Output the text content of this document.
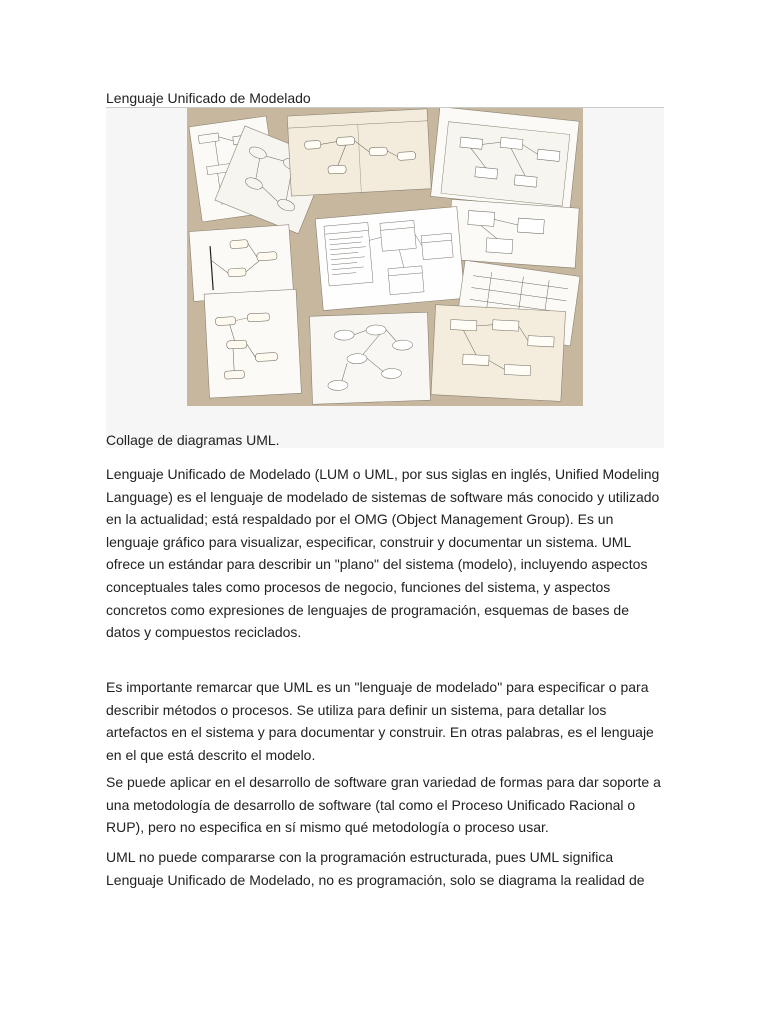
Lenguaje Unificado de Modelado
Collage de diagramas UML.

Lenguaje Unificado de Modelado (LUM o UML, por sus siglas en inglés, Unified Modeling Language) es el lenguaje de modelado de sistemas de software más conocido y utilizado en la actualidad; está respaldado por el OMG (Object Management Group). Es un lenguaje gráfico para visualizar, especificar, construir y documentar un sistema. UML ofrece un estándar para describir un "plano" del sistema (modelo), incluyendo aspectos conceptuales tales como procesos de negocio, funciones del sistema, y aspectos concretos como expresiones de lenguajes de programación, esquemas de bases de datos y compuestos reciclados.

Es importante remarcar que UML es un "lenguaje de modelado" para especificar o para describir métodos o procesos. Se utiliza para definir un sistema, para detallar los artefactos en el sistema y para documentar y construir. En otras palabras, es el lenguaje en el que está descrito el modelo.

Se puede aplicar en el desarrollo de software gran variedad de formas para dar soporte a una metodología de desarrollo de software (tal como el Proceso Unificado Racional o RUP), pero no especifica en sí mismo qué metodología o proceso usar.

UML no puede compararse con la programación estructurada, pues UML significa Lenguaje Unificado de Modelado, no es programación, solo se diagrama la realidad de
